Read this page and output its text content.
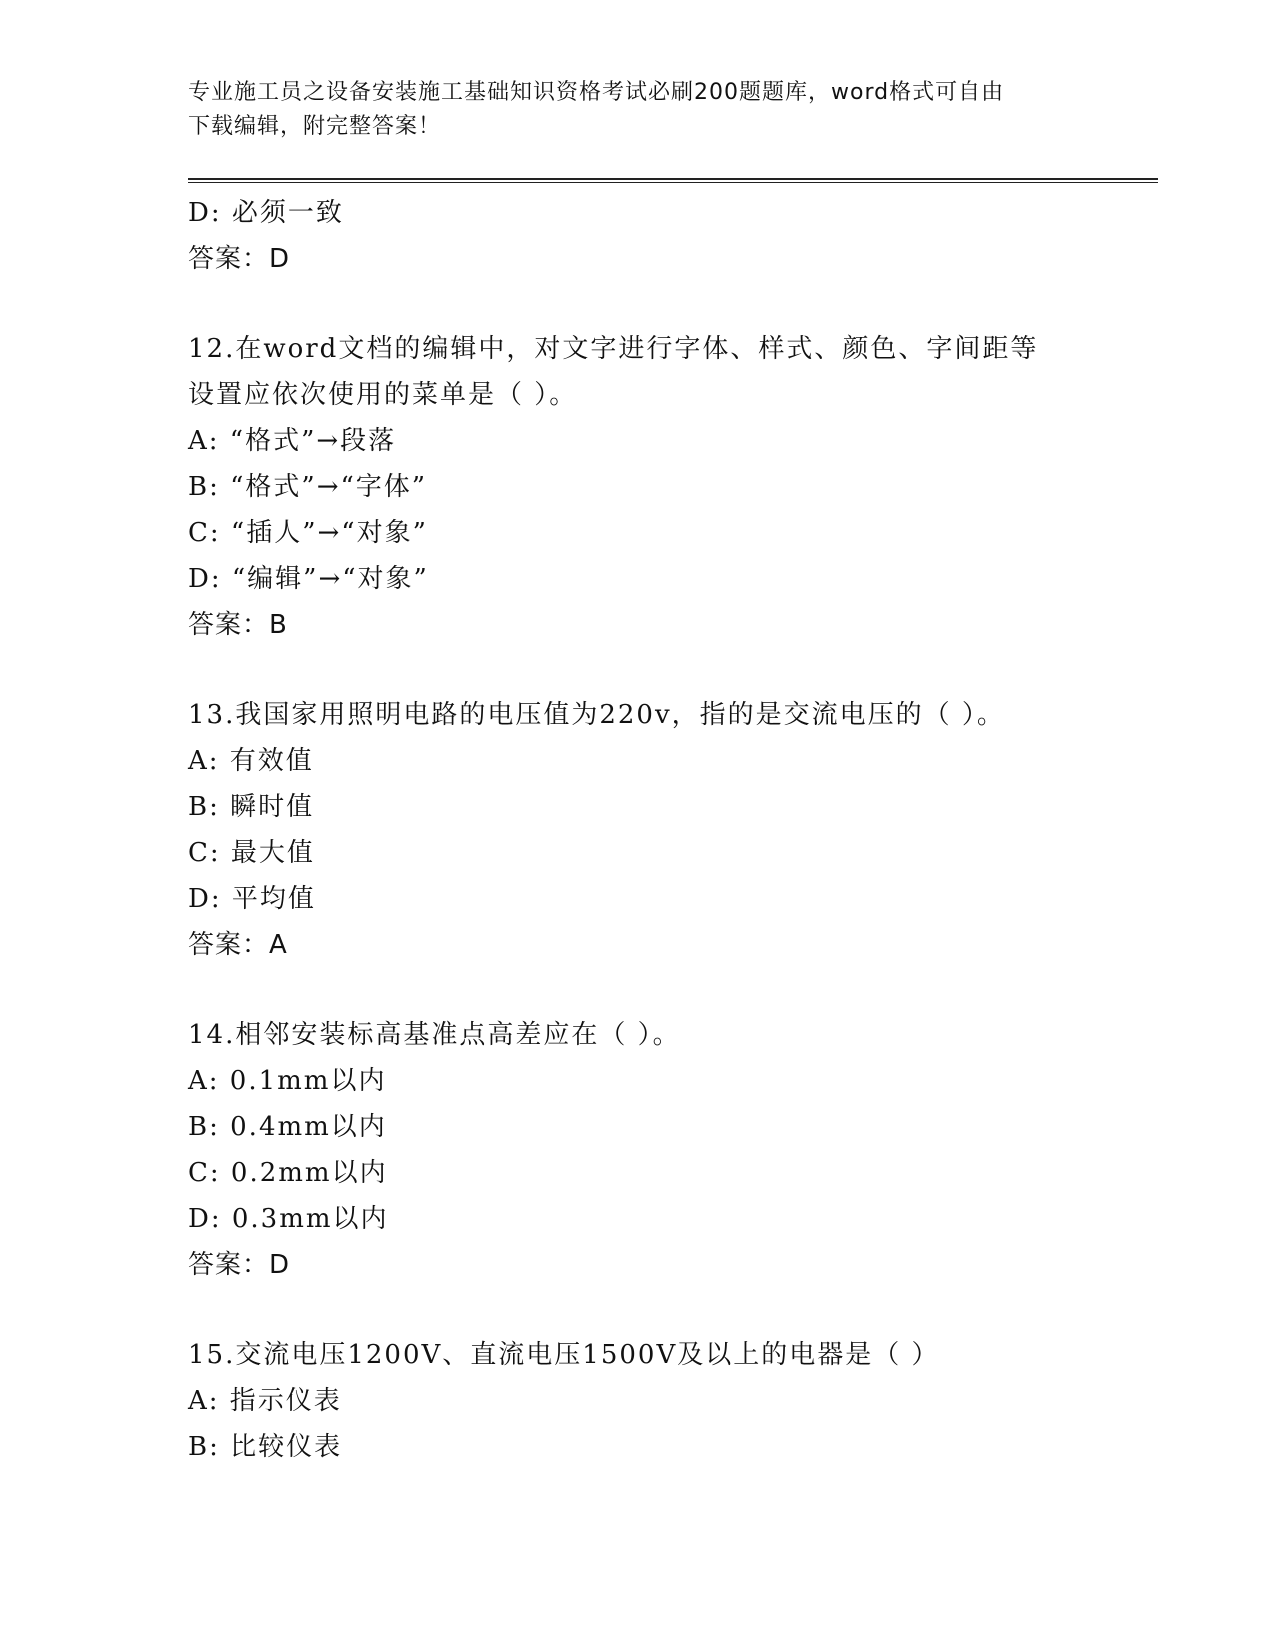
专业施工员之设备安装施工基础知识资格考试必刷200题题库，word格式可自由
下载编辑，附完整答案！
D: 必须一致
答案：D
12.在word文档的编辑中，对文字进行字体、样式、颜色、字间距等
设置应依次使用的菜单是（ ）。
A: “格式”→段落
B: “格式”→“字体”
C: “插人”→“对象”
D: “编辑”→“对象”
答案：B
13.我国家用照明电路的电压值为220v，指的是交流电压的（ ）。
A: 有效值
B: 瞬时值
C: 最大值
D: 平均值
答案：A
14.相邻安装标高基准点高差应在（ ）。
A: 0.1mm以内
B: 0.4mm以内
C: 0.2mm以内
D: 0.3mm以内
答案：D
15.交流电压1200V、直流电压1500V及以上的电器是（ ）
A: 指示仪表
B: 比较仪表
